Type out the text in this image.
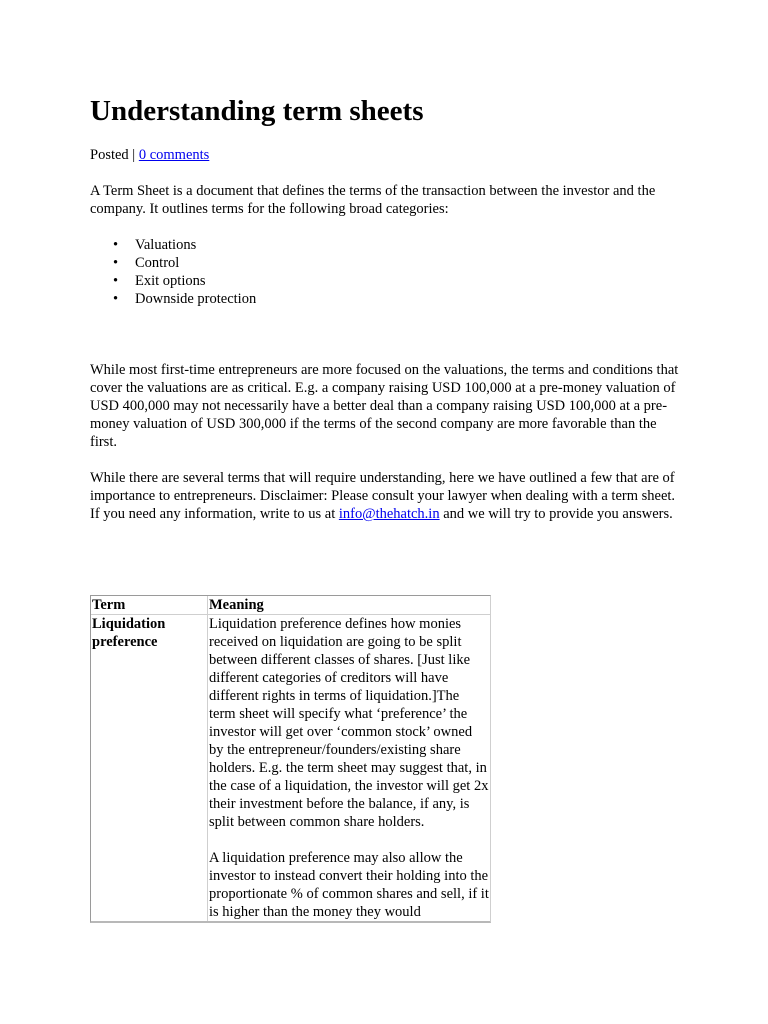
Understanding term sheets
Posted | 0 comments

A Term Sheet is a document that defines the terms of the transaction between the investor and the company. It outlines terms for the following broad categories:

• Valuations
• Control
• Exit options
• Downside protection

While most first-time entrepreneurs are more focused on the valuations, the terms and conditions that cover the valuations are as critical. E.g. a company raising USD 100,000 at a pre-money valuation of USD 400,000 may not necessarily have a better deal than a company raising USD 100,000 at a pre-money valuation of USD 300,000 if the terms of the second company are more favorable than the first.

While there are several terms that will require understanding, here we have outlined a few that are of importance to entrepreneurs. Disclaimer: Please consult your lawyer when dealing with a term sheet. If you need any information, write to us at info@thehatch.in and we will try to provide you answers.

Term	Meaning
Liquidation preference	Liquidation preference defines how monies received on liquidation are going to be split between different classes of shares. [Just like different categories of creditors will have different rights in terms of liquidation.]The term sheet will specify what ‘preference’ the investor will get over ‘common stock’ owned by the entrepreneur/founders/existing share holders. E.g. the term sheet may suggest that, in the case of a liquidation, the investor will get 2x their investment before the balance, if any, is split between common share holders.

A liquidation preference may also allow the investor to instead convert their holding into the proportionate % of common shares and sell, if it is higher than the money they would
